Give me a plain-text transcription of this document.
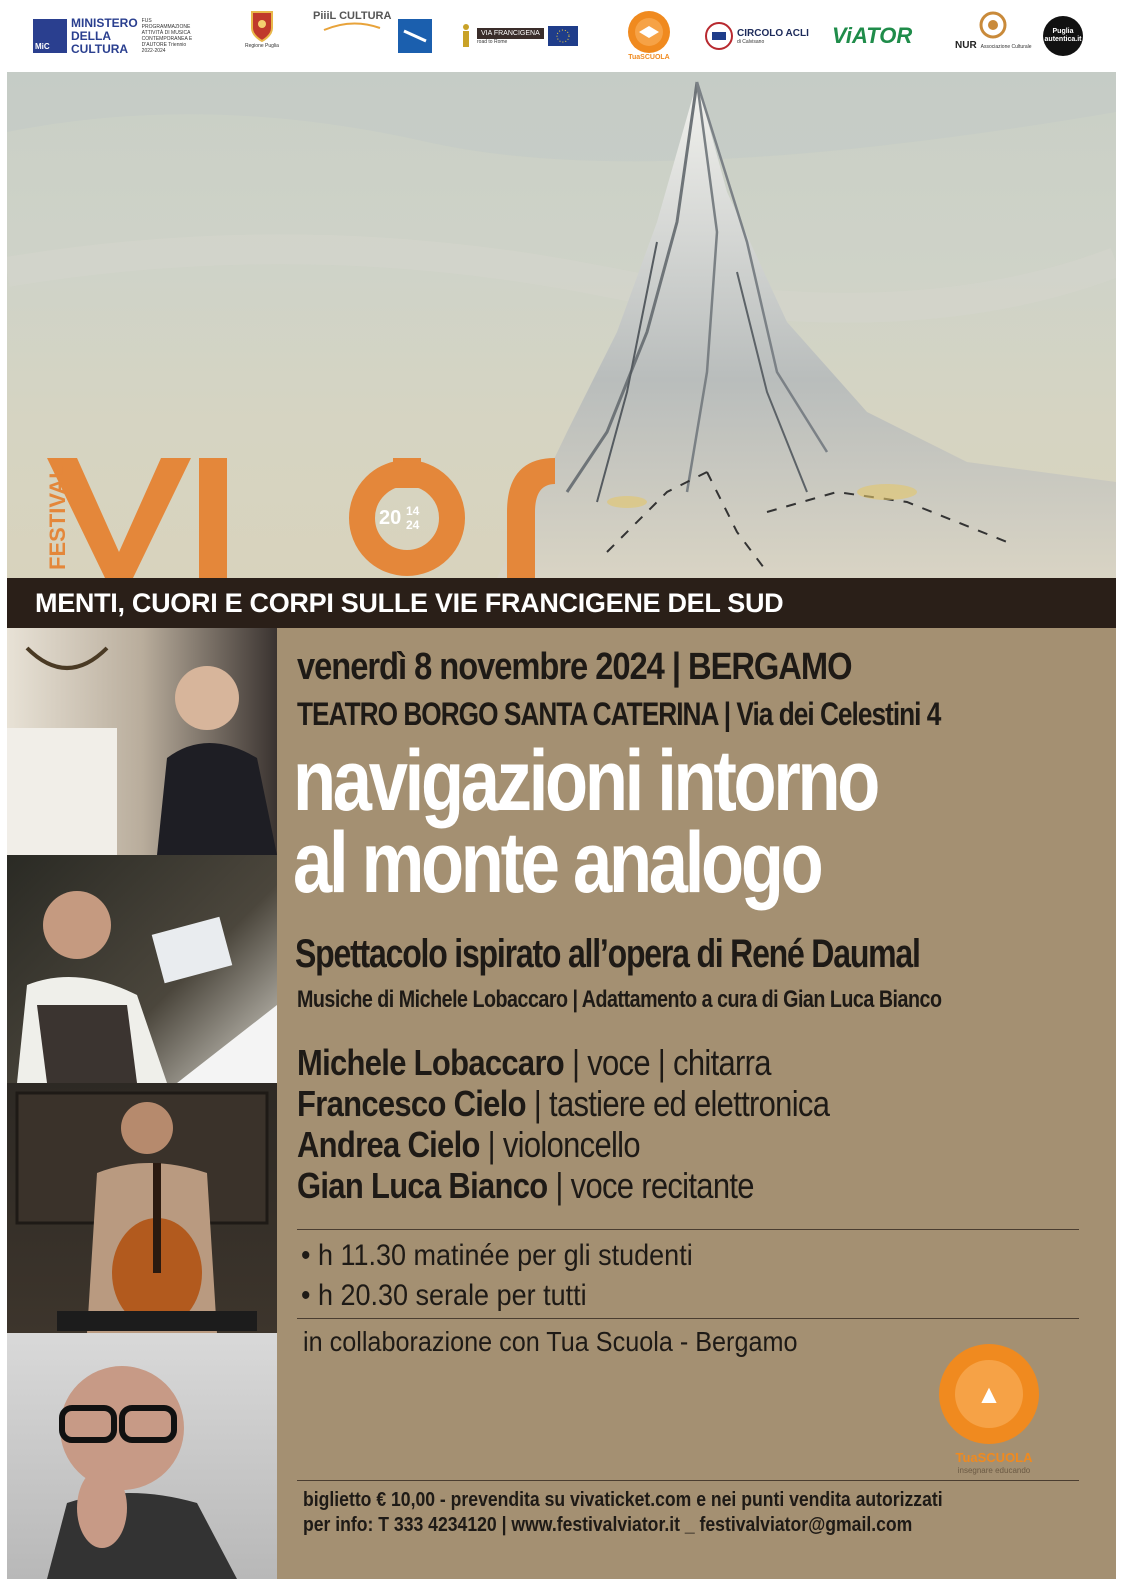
MiC
MINISTERO
DELLA
CULTURA
FUS PROGRAMMAZIONE ATTIVITÀ DI MUSICA CONTEMPORANEA E D'AUTORE Triennio 2022-2024
Regione Puglia
PiiiL CULTURA
VIA FRANCIGENA
road to Rome
TuaSCUOLA
CIRCOLO ACLI
di Calvisano	ViATOR	NUR Associazione Culturale
Puglia autentica.it
FESTIVAL	20 14
24
MENTI, CUORI E CORPI SULLE VIE FRANCIGENE DEL SUD
venerdì 8 novembre 2024 | BERGAMO
TEATRO BORGO SANTA CATERINA | Via dei Celestini 4
navigazioni intorno
al monte analogo
Spettacolo ispirato all’opera di René Daumal
Musiche di Michele Lobaccaro | Adattamento a cura di Gian Luca Bianco
Michele Lobaccaro | voce | chitarra
Francesco Cielo | tastiere ed elettronica
Andrea Cielo | violoncello
Gian Luca Bianco | voce recitante
• h 11.30 matinée per gli studenti
• h 20.30 serale per tutti
in collaborazione con Tua Scuola - Bergamo
▲
TuaSCUOLA
insegnare educando
biglietto € 10,00 - prevendita su vivaticket.com e nei punti vendita autorizzati
per info: T 333 4234120 | www.festivalviator.it _ festivalviator@gmail.com
